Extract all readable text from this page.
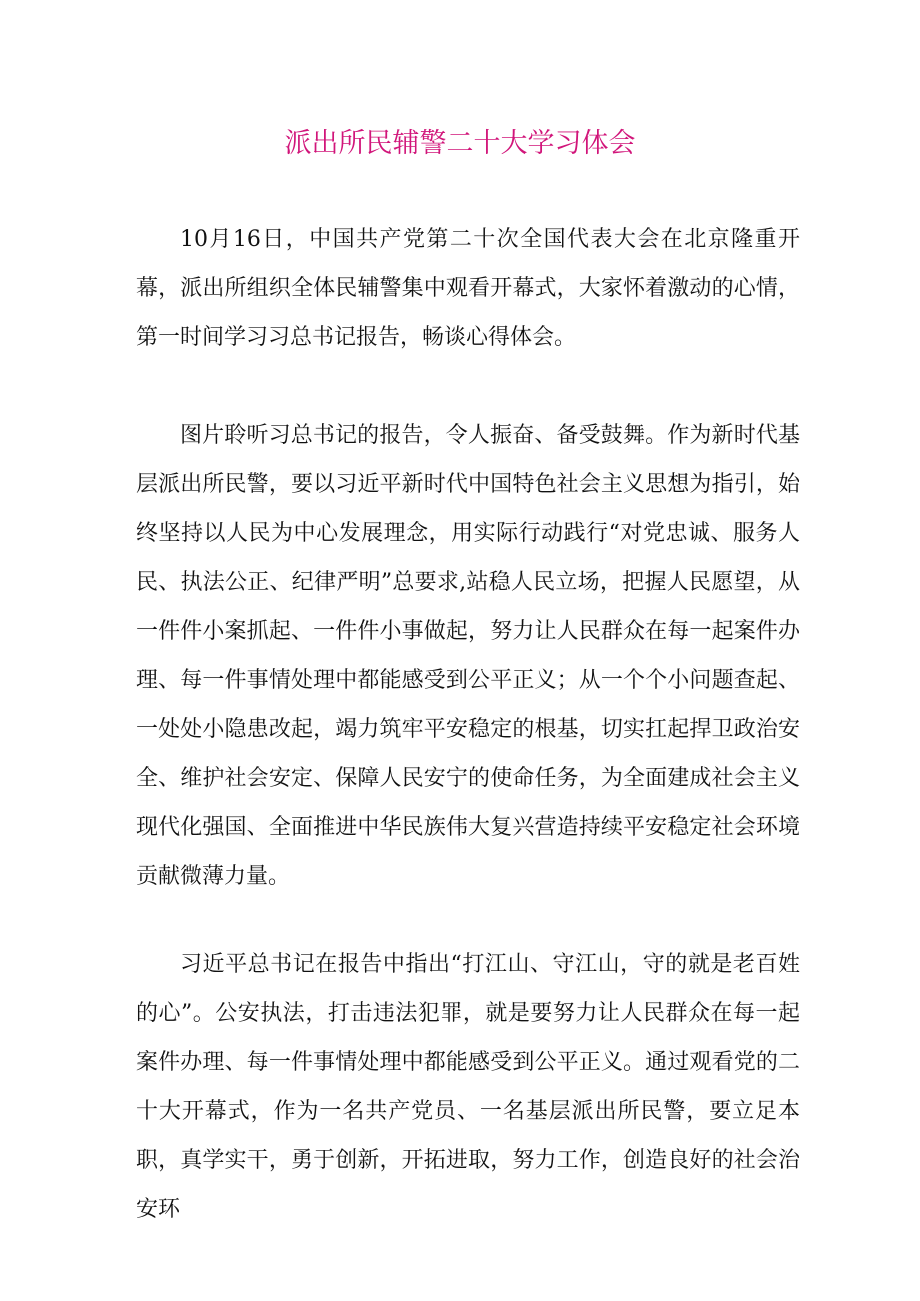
派出所民辅警二十大学习体会

10月16日，中国共产党第二十次全国代表大会在北京隆重开幕，派出所组织全体民辅警集中观看开幕式，大家怀着激动的心情，第一时间学习习总书记报告，畅谈心得体会。

图片聆听习总书记的报告，令人振奋、备受鼓舞。作为新时代基层派出所民警，要以习近平新时代中国特色社会主义思想为指引，始终坚持以人民为中心发展理念，用实际行动践行“对党忠诚、服务人民、执法公正、纪律严明”总要求,站稳人民立场，把握人民愿望，从一件件小案抓起、一件件小事做起，努力让人民群众在每一起案件办理、每一件事情处理中都能感受到公平正义；从一个个小问题查起、一处处小隐患改起，竭力筑牢平安稳定的根基，切实扛起捍卫政治安全、维护社会安定、保障人民安宁的使命任务，为全面建成社会主义现代化强国、全面推进中华民族伟大复兴营造持续平安稳定社会环境贡献微薄力量。

习近平总书记在报告中指出“打江山、守江山，守的就是老百姓的心”。公安执法，打击违法犯罪，就是要努力让人民群众在每一起案件办理、每一件事情处理中都能感受到公平正义。通过观看党的二十大开幕式，作为一名共产党员、一名基层派出所民警，要立足本职，真学实干，勇于创新，开拓进取，努力工作，创造良好的社会治安环
